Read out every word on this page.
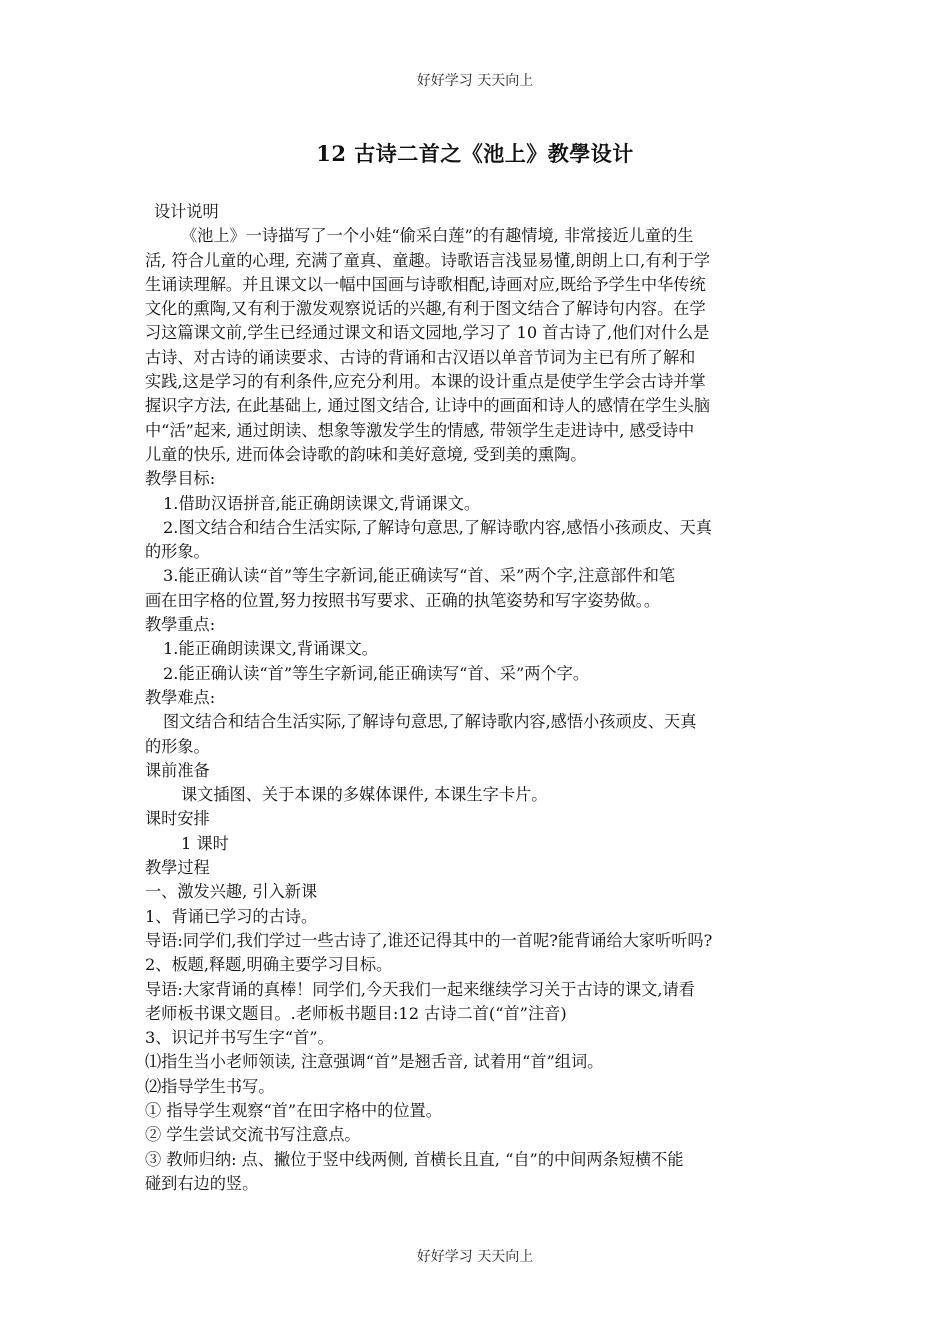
好好学习 天天向上
12 古诗二首之《池上》教學设计
设计说明
《池上》一诗描写了一个小娃“偷采白莲”的有趣情境, 非常接近儿童的生
活, 符合儿童的心理, 充满了童真、童趣。诗歌语言浅显易懂,朗朗上口,有利于学
生诵读理解。并且课文以一幅中国画与诗歌相配,诗画对应,既给予学生中华传统
文化的熏陶,又有利于激发观察说话的兴趣,有利于图文结合了解诗句内容。在学
习这篇课文前,学生已经通过课文和语文园地,学习了 10 首古诗了,他们对什么是
古诗、对古诗的诵读要求、古诗的背诵和古汉语以单音节词为主已有所了解和
实践,这是学习的有利条件,应充分利用。本课的设计重点是使学生学会古诗并掌
握识字方法, 在此基础上, 通过图文结合, 让诗中的画面和诗人的感情在学生头脑
中“活”起来, 通过朗读、想象等激发学生的情感, 带领学生走进诗中, 感受诗中
儿童的快乐, 进而体会诗歌的韵味和美好意境, 受到美的熏陶。
教學目标:
1.借助汉语拼音,能正确朗读课文,背诵课文。
2.图文结合和结合生活实际,了解诗句意思,了解诗歌内容,感悟小孩顽皮、天真
的形象。
3.能正确认读“首”等生字新词,能正确读写“首、采”两个字,注意部件和笔
画在田字格的位置,努力按照书写要求、正确的执笔姿势和写字姿势做。。
教學重点:
1.能正确朗读课文,背诵课文。
2.能正确认读“首”等生字新词,能正确读写“首、采”两个字。
教學难点:
图文结合和结合生活实际,了解诗句意思,了解诗歌内容,感悟小孩顽皮、天真
的形象。
课前准备
课文插图、关于本课的多媒体课件, 本课生字卡片。
课时安排
1 课时
教學过程
一、激发兴趣, 引入新课
1、背诵已学习的古诗。
导语:同学们,我们学过一些古诗了,谁还记得其中的一首呢?能背诵给大家听听吗?
2、板题,释题,明确主要学习目标。
导语:大家背诵的真棒！同学们,今天我们一起来继续学习关于古诗的课文,请看
老师板书课文题目。.老师板书题目:12 古诗二首(“首”注音)
3、识记并书写生字“首”。
⑴指生当小老师领读, 注意强调“首”是翘舌音, 试着用“首”组词。
⑵指导学生书写。
① 指导学生观察“首”在田字格中的位置。
② 学生尝试交流书写注意点。
③ 教师归纳: 点、撇位于竖中线两侧, 首横长且直, “自”的中间两条短横不能
碰到右边的竖。
好好学习 天天向上
